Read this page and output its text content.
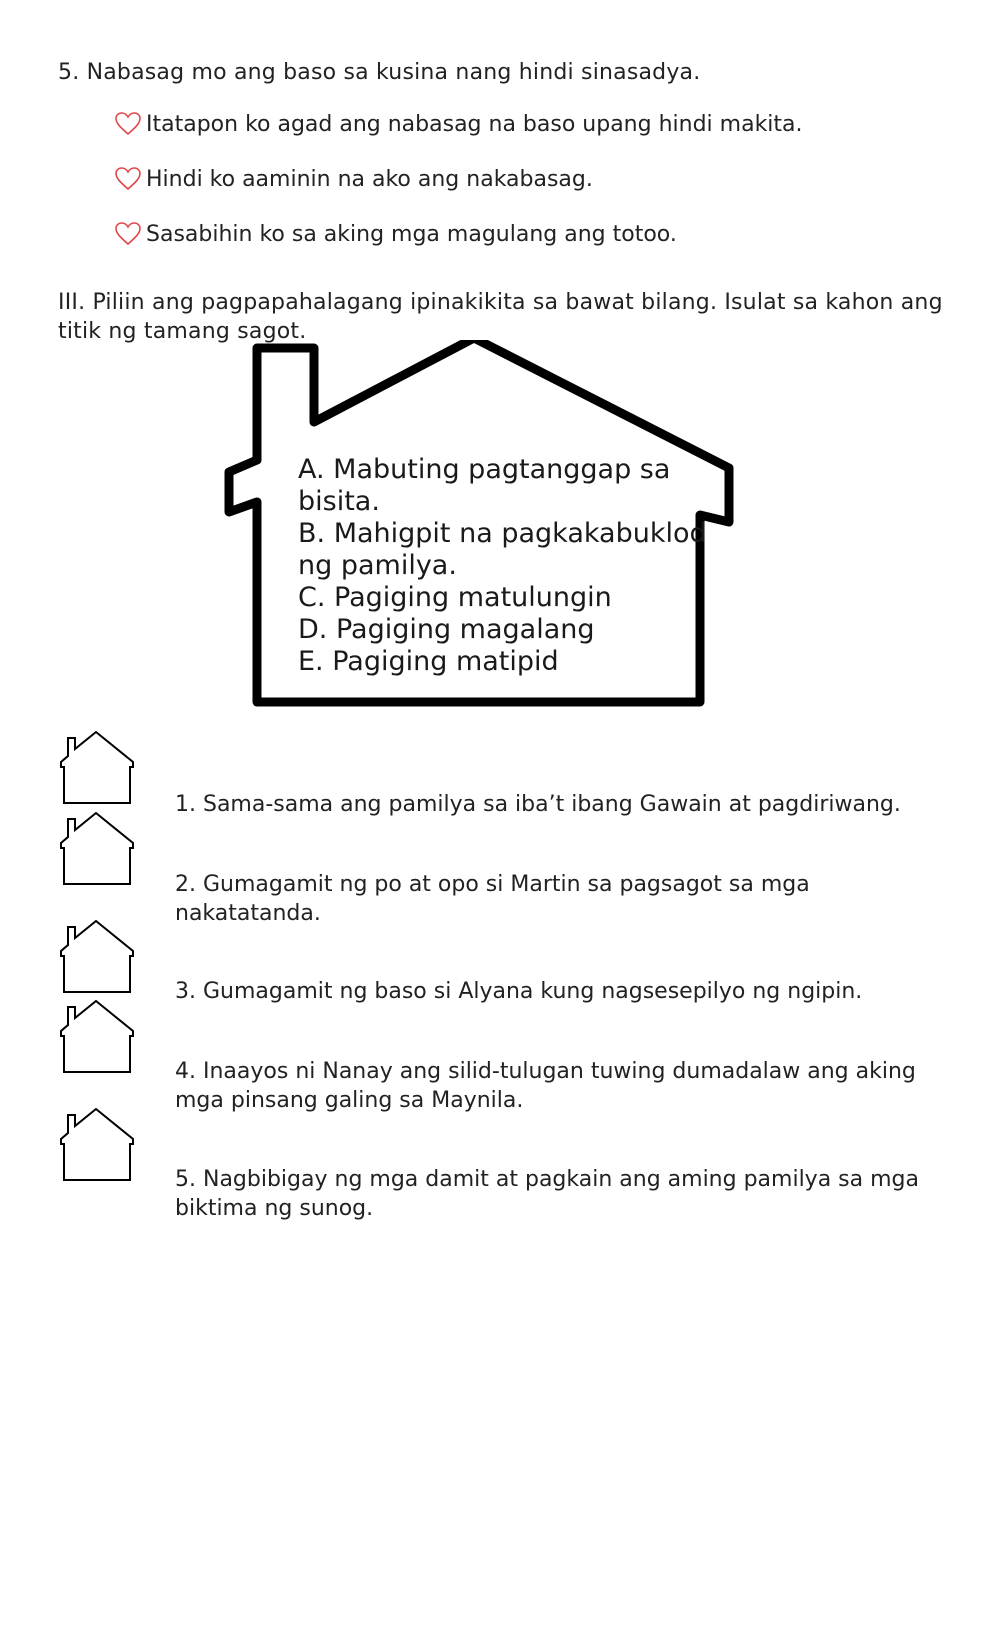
5. Nabasag mo ang baso sa kusina nang hindi sinasadya.
Itatapon ko agad ang nabasag na baso upang hindi makita.
Hindi ko aaminin na ako ang nakabasag.
Sasabihin ko sa aking mga magulang ang totoo.
III. Piliin ang pagpapahalagang ipinakikita sa bawat bilang. Isulat sa kahon ang titik ng tamang sagot.
A. Mabuting pagtanggap sa bisita.
B. Mahigpit na pagkakabuklod ng pamilya.
C. Pagiging matulungin
D. Pagiging magalang
E. Pagiging matipid
1. Sama-sama ang pamilya sa iba’t ibang Gawain at pagdiriwang.
2. Gumagamit ng po at opo si Martin sa pagsagot sa mga nakatatanda.
3. Gumagamit ng baso si Alyana kung nagsesepilyo ng ngipin.
4. Inaayos ni Nanay ang silid-tulugan tuwing dumadalaw ang aking mga pinsang galing sa Maynila.
5. Nagbibigay ng mga damit at pagkain ang aming pamilya sa mga biktima ng sunog.
